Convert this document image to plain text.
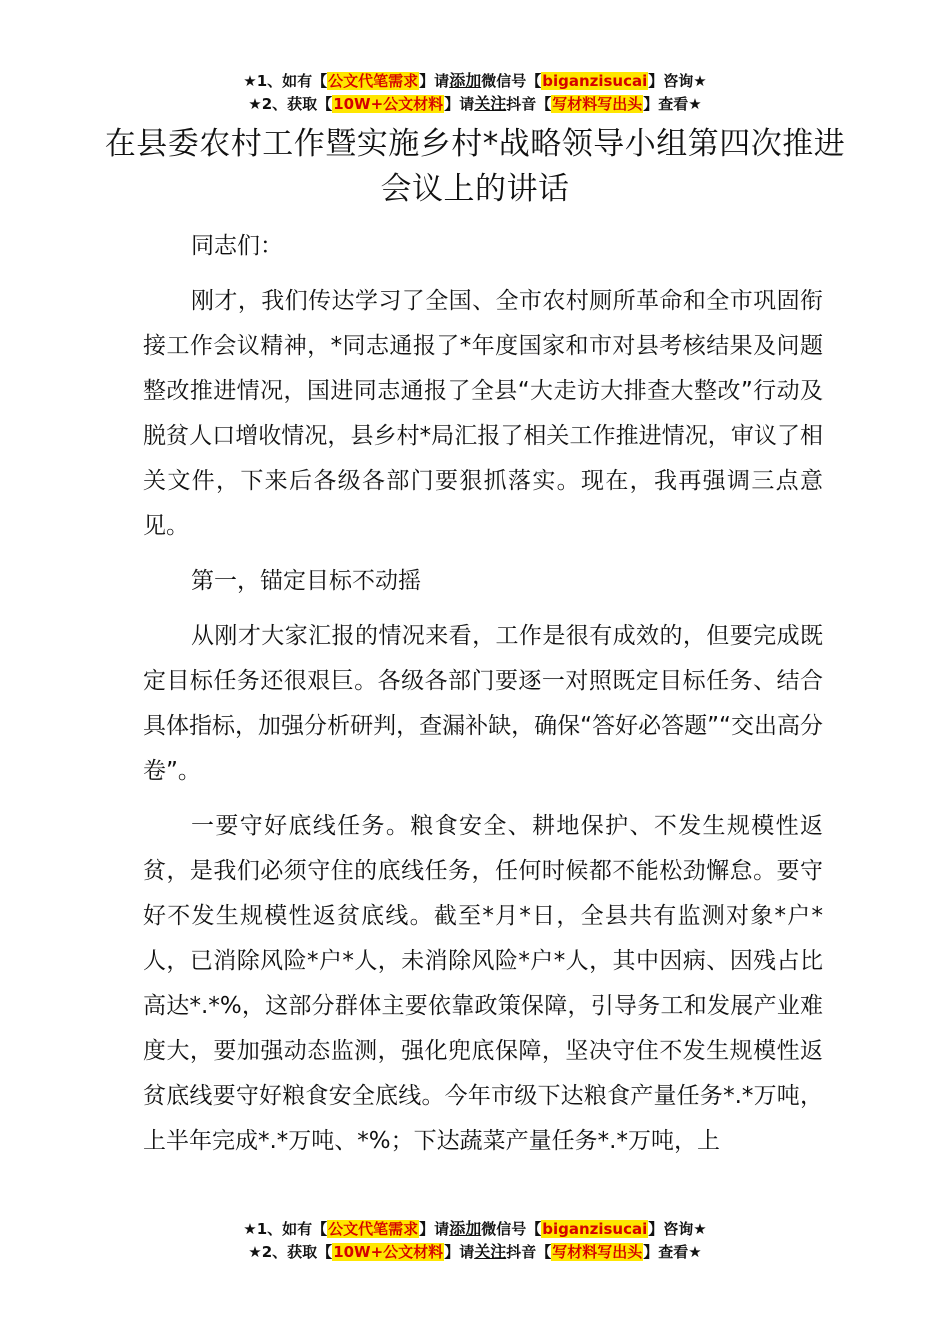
★1、如有【公文代笔需求】请添加微信号【biganzisucai】咨询★
★2、获取【10W+公文材料】请关注抖音【写材料写出头】查看★
在县委农村工作暨实施乡村*战略领导小组第四次推进会议上的讲话

同志们：

刚才，我们传达学习了全国、全市农村厕所革命和全市巩固衔接工作会议精神，*同志通报了*年度国家和市对县考核结果及问题整改推进情况，国进同志通报了全县“大走访大排查大整改”行动及脱贫人口增收情况，县乡村*局汇报了相关工作推进情况，审议了相关文件，下来后各级各部门要狠抓落实。现在，我再强调三点意见。

第一，锚定目标不动摇

从刚才大家汇报的情况来看，工作是很有成效的，但要完成既定目标任务还很艰巨。各级各部门要逐一对照既定目标任务、结合具体指标，加强分析研判，查漏补缺，确保“答好必答题”“交出高分卷”。

一要守好底线任务。粮食安全、耕地保护、不发生规模性返贫，是我们必须守住的底线任务，任何时候都不能松劲懈怠。要守好不发生规模性返贫底线。截至*月*日，全县共有监测对象*户*人，已消除风险*户*人，未消除风险*户*人，其中因病、因残占比高达*.*%，这部分群体主要依靠政策保障，引导务工和发展产业难度大，要加强动态监测，强化兜底保障，坚决守住不发生规模性返贫底线要守好粮食安全底线。今年市级下达粮食产量任务*.*万吨，上半年完成*.*万吨、*%；下达蔬菜产量任务*.*万吨，上

★1、如有【公文代笔需求】请添加微信号【biganzisucai】咨询★
★2、获取【10W+公文材料】请关注抖音【写材料写出头】查看★
